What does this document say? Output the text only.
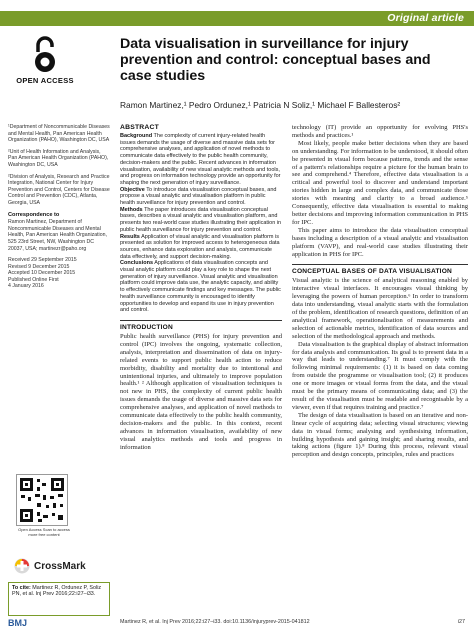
Original article
OPEN ACCESS
Data visualisation in surveillance for injury prevention and control: conceptual bases and case studies
Ramon Martinez,¹ Pedro Ordunez,¹ Patricia N Soliz,¹ Michael F Ballesteros²

¹Department of Noncommunicable Diseases and Mental Health, Pan American Health Organization (PAHO), Washington DC, USA

²Unit of Health Information and Analysis, Pan American Health Organization (PAHO), Washington DC, USA

²Division of Analysis, Research and Practice Integration, National Center for Injury Prevention and Control, Centers for Disease Control and Prevention (CDC), Atlanta, Georgia, USA

Correspondence to

Ramon Martinez, Department of Noncommunicable Diseases and Mental Health, Pan American Health Organization, 525 23rd Street, NW, Washington DC 20037, USA; martinezr@paho.org

Received 29 September 2015
Revised 9 December 2015
Accepted 10 December 2015
Published Online First
4 January 2016
Open Access Scan to access more free content
CrossMark
To cite: Martinez R, Ordunez P, Soliz PN, et al. Inj Prev 2016;22:i27–i33.
BMJ
ABSTRACT

Background The complexity of current injury-related health issues demands the usage of diverse and massive data sets for comprehensive analyses, and application of novel methods to communicate data effectively to the public health community, decision-makers and the public. Recent advances in information visualisation, availability of new visual analytic methods and tools, and progress on information technology provide an opportunity for shaping the next generation of injury surveillance.

Objective To introduce data visualisation conceptual bases, and propose a visual analytic and visualisation platform in public health surveillance for injury prevention and control.

Methods The paper introduces data visualisation conceptual bases, describes a visual analytic and visualisation platform, and presents two real-world case studies illustrating their application in public health surveillance for injury prevention and control.

Results Application of visual analytic and visualisation platform is presented as solution for improved access to heterogeneous data sources, enhance data exploration and analysis, communicate data effectively, and support decision-making.

Conclusions Applications of data visualisation concepts and visual analytic platform could play a key role to shape the next generation of injury surveillance. Visual analytic and visualisation platform could improve data use, the analytic capacity, and ability to effectively communicate findings and key messages. The public health surveillance community is encouraged to identify opportunities to develop and expand its use in injury prevention and control.

INTRODUCTION

Public health surveillance (PHS) for injury prevention and control (IPC) involves the ongoing, systematic collection, analysis, interpretation and dissemination of data on injury-related events to support public health action to reduce morbidity, disability and mortality due to intentional and unintentional injuries, and ultimately to improve population health.¹ ² Although application of visualisation techniques is not new in PHS, the complexity of current public health issues demands the usage of diverse and massive data sets for comprehensive analyses, and application of novel methods to communicate data effectively to the public health community, decision-makers and the public. In this context, recent advances in information visualisation, availability of new visual analytics methods and tools and progress in information

technology (IT) provide an opportunity for evolving PHS's methods and practices.¹

Most likely, people make better decisions when they are based on understanding. For information to be understood, it should often be presented in visual form because patterns, trends and the sense of a pattern's relationships require a picture for the human brain to see and comprehend.⁴ Therefore, effective data visualisation is a critical and powerful tool to discover and understand important stories hidden in large and complex data, and communicate those stories with meaning and clarity to a broad audience.⁵ Consequently, effective data visualisation is essential to making better decisions and improving information communication in PHS for IPC.

This paper aims to introduce the data visualisation conceptual bases including a description of a visual analytic and visualisation platform (VAVP), and real-world case studies illustrating their application in PHS for IPC.

CONCEPTUAL BASES OF DATA VISUALISATION

Visual analytic is the science of analytical reasoning enabled by interactive visual interfaces. It encourages visual thinking by leveraging the powers of human perception.⁶ In order to transform data into understanding, visual analytic starts with the formulation of the problem, identification of research questions, definition of an analytical framework, operationalisation of measurements and selection of actionable metrics, identification of data sources and selection of the methodological approach and methods.

Data visualisation is the graphical display of abstract information for data analysis and communication. Its goal is to present data in a way that leads to understanding.⁷ It must comply with the following minimal requirements: (1) it is based on data coming from outside the programme or visualisation tool; (2) it produces one or more images or visual forms from the data, and the visual must be the primary means of communicating data; and (3) the result of the visualisation must be readable and recognisable by a viewer, even if that requires training and practice.⁷

The design of data visualisation is based on an iterative and non-linear cycle of acquiring data; selecting visual structures; viewing data in visual forms; analysing and synthesising information, building hypothesis and gaining insight; and sharing results, and taking actions (figure 1).⁸ During this process, relevant visual perception and design concepts, principles, rules and practices

Martinez R, et al. Inj Prev 2016;22:i27–i33. doi:10.1136/injuryprev-2015-041812	i27
